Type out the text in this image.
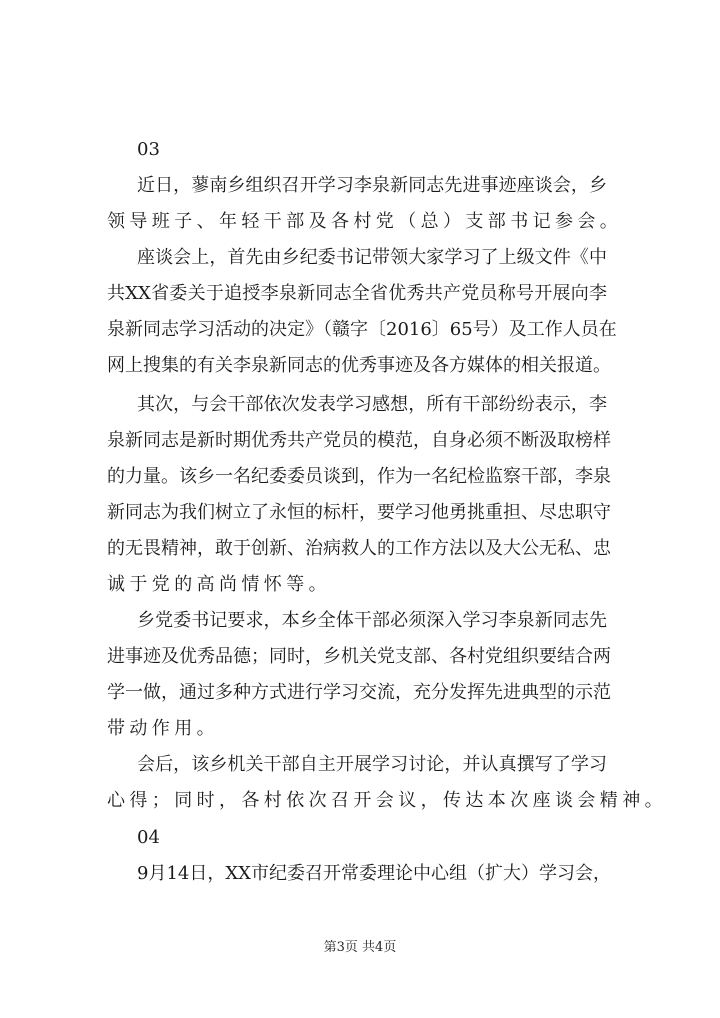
03
近日，蓼南乡组织召开学习李泉新同志先进事迹座谈会，乡
领导班子、年轻干部及各村党（总）支部书记参会。
座谈会上，首先由乡纪委书记带领大家学习了上级文件《中
共XX省委关于追授李泉新同志全省优秀共产党员称号开展向李
泉新同志学习活动的决定》（赣字〔2016〕65号）及工作人员在
网上搜集的有关李泉新同志的优秀事迹及各方媒体的相关报道。
其次，与会干部依次发表学习感想，所有干部纷纷表示，李
泉新同志是新时期优秀共产党员的模范，自身必须不断汲取榜样
的力量。该乡一名纪委委员谈到，作为一名纪检监察干部，李泉
新同志为我们树立了永恒的标杆，要学习他勇挑重担、尽忠职守
的无畏精神，敢于创新、治病救人的工作方法以及大公无私、忠
诚于党的高尚情怀等。
乡党委书记要求，本乡全体干部必须深入学习李泉新同志先
进事迹及优秀品德；同时，乡机关党支部、各村党组织要结合两
学一做，通过多种方式进行学习交流，充分发挥先进典型的示范
带动作用。
会后，该乡机关干部自主开展学习讨论，并认真撰写了学习
心得；同时，各村依次召开会议，传达本次座谈会精神。
04
9月14日，XX市纪委召开常委理论中心组（扩大）学习会，
第3页 共4页
